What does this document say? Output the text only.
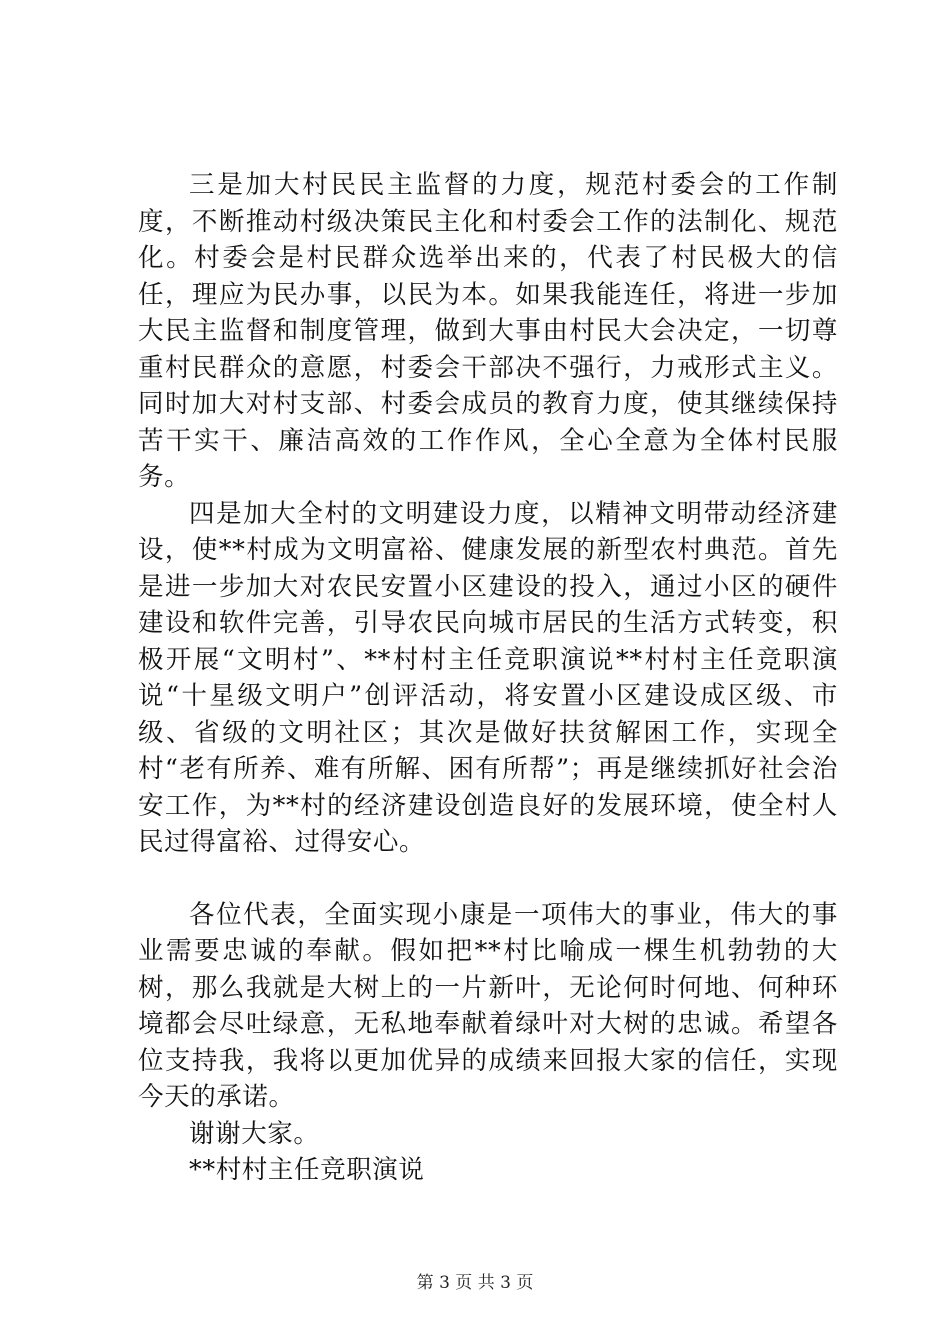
三是加大村民民主监督的力度，规范村委会的工作制度，不断推动村级决策民主化和村委会工作的法制化、规范化。村委会是村民群众选举出来的，代表了村民极大的信任，理应为民办事，以民为本。如果我能连任，将进一步加大民主监督和制度管理，做到大事由村民大会决定，一切尊重村民群众的意愿，村委会干部决不强行，力戒形式主义。同时加大对村支部、村委会成员的教育力度，使其继续保持苦干实干、廉洁高效的工作作风，全心全意为全体村民服务。

四是加大全村的文明建设力度，以精神文明带动经济建设，使**村成为文明富裕、健康发展的新型农村典范。首先是进一步加大对农民安置小区建设的投入，通过小区的硬件建设和软件完善，引导农民向城市居民的生活方式转变，积极开展“文明村”、**村村主任竞职演说**村村主任竞职演说“十星级文明户”创评活动，将安置小区建设成区级、市级、省级的文明社区；其次是做好扶贫解困工作，实现全村“老有所养、难有所解、困有所帮”；再是继续抓好社会治安工作，为**村的经济建设创造良好的发展环境，使全村人民过得富裕、过得安心。

各位代表，全面实现小康是一项伟大的事业，伟大的事业需要忠诚的奉献。假如把**村比喻成一棵生机勃勃的大树，那么我就是大树上的一片新叶，无论何时何地、何种环境都会尽吐绿意，无私地奉献着绿叶对大树的忠诚。希望各位支持我，我将以更加优异的成绩来回报大家的信任，实现今天的承诺。

谢谢大家。

**村村主任竞职演说

第 3 页 共 3 页
